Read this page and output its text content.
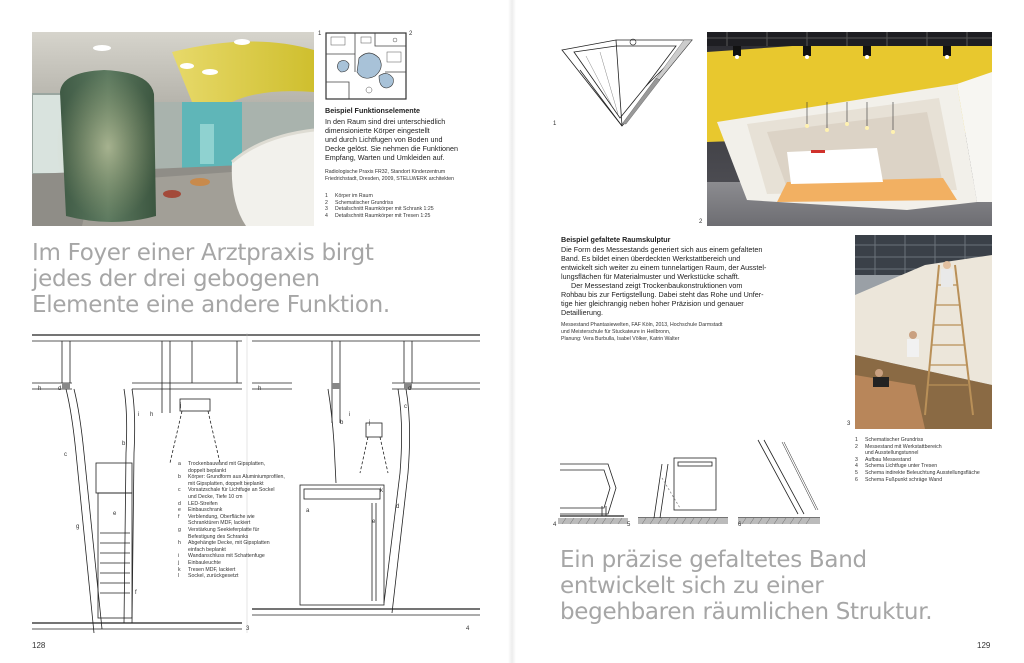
1	2
Beispiel Funktionselemente
In den Raum sind drei unterschiedlich
dimensionierte Körper eingestellt
und durch Lichtfugen von Boden und
Decke gelöst. Sie nehmen die Funktionen
Empfang, Warten und Umkleiden auf.
Radiologische Praxis FR32, Standort Kinderzentrum
Friedrichstadt, Dresden, 2009, STELLWERK architekten
1	Körper im Raum
2	Schematischer Grundriss
3	Detailschnitt Raumkörper mit Schrank 1:25
4	Detailschnitt Raumkörper mit Tresen 1:25
Im Foyer einer Arztpraxis birgt
jedes der drei gebogenen
Elemente eine andere Funktion.
h	d
b
c
e
g
f
i h
j
h	d
c
b
i
j
k
e
d
a
3	4
a	Trockenbauwand mit Gipsplatten,
doppelt beplankt
b	Körper: Grundform aus Aluminiumprofilen,
mit Gipsplatten, doppelt beplankt
c	Vorsatzschale für Lichtfuge an Sockel
und Decke, Tiefe 10 cm
d	LED-Streifen
e	Einbauschrank
f	Verblendung, Oberfläche wie
Schranktüren MDF, lackiert
g	Verstärkung Seekieferplatte für
Befestigung des Schranks
h	Abgehängte Decke, mit Gipsplatten
einfach beplankt
i	Wandanschluss mit Schattenfuge
j	Einbauleuchte
k	Tresen MDF, lackiert
l	Sockel, zurückgesetzt
128
1
2
Beispiel gefaltete Raumskulptur
Die Form des Messestands generiert sich aus einem gefalteten
Band. Es bildet einen überdeckten Werkstattbereich und
entwickelt sich weiter zu einem tunnelartigen Raum, der Ausstel-
lungsflächen für Materialmuster und Werkstücke schafft.
Der Messestand zeigt Trockenbaukonstruktionen vom
Rohbau bis zur Fertigstellung. Dabei steht das Rohe und Unfer-
tige hier gleichrangig neben hoher Präzision und genauer
Detaillierung.
Messestand Phantasiewelten, FAF Köln, 2013, Hochschule Darmstadt
und Meisterschule für Stuckateure in Heilbronn,
Planung: Vera Burbulla, Isabel Völker, Katrin Walter
3
1	Schematischer Grundriss
2	Messestand mit Werkstattbereich
und Ausstellungstunnel
3	Aufbau Messestand
4	Schema Lichtfuge unter Tresen
5	Schema indirekte Beleuchtung Ausstellungsfläche
6	Schema Fußpunkt schräge Wand
4	5	6
Ein präzise gefaltetes Band
entwickelt sich zu einer
begehbaren räumlichen Struktur.
129
